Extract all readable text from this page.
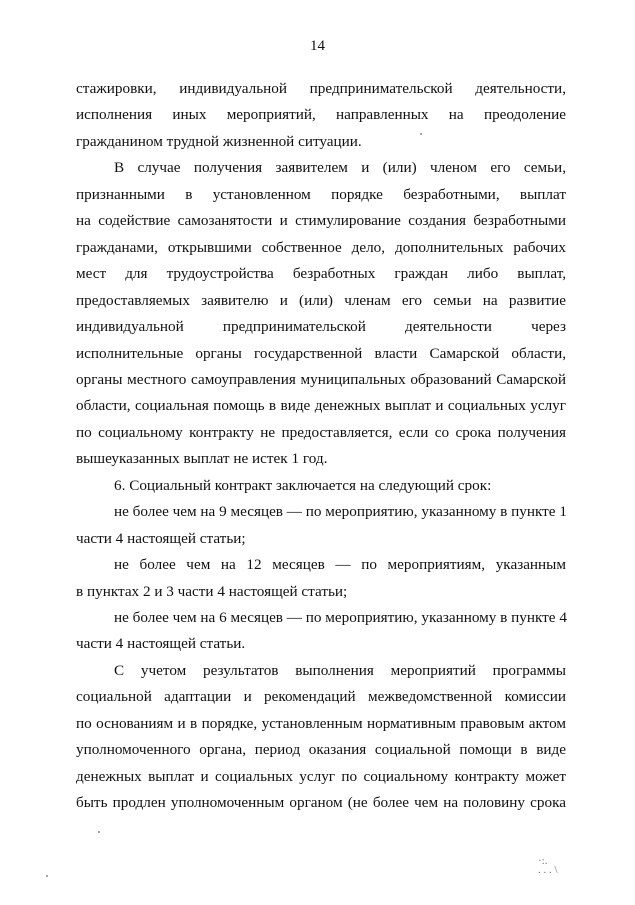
14
стажировки, индивидуальной предпринимательской деятельности,
исполнения иных мероприятий, направленных на преодоление
гражданином трудной жизненной ситуации.
В случае получения заявителем и (или) членом его семьи,
признанными в установленном порядке безработными, выплат
на содействие самозанятости и стимулирование создания безработными
гражданами, открывшими собственное дело, дополнительных рабочих
мест для трудоустройства безработных граждан либо выплат,
предоставляемых заявителю и (или) членам его семьи на развитие
индивидуальной предпринимательской деятельности через
исполнительные органы государственной власти Самарской области,
органы местного самоуправления муниципальных образований Самарской
области, социальная помощь в виде денежных выплат и социальных услуг
по социальному контракту не предоставляется, если со срока получения
вышеуказанных выплат не истек 1 год.
6. Социальный контракт заключается на следующий срок:
не более чем на 9 месяцев — по мероприятию, указанному в пункте 1
части 4 настоящей статьи;
не более чем на 12 месяцев — по мероприятиям, указанным
в пунктах 2 и 3 части 4 настоящей статьи;
не более чем на 6 месяцев — по мероприятию, указанному в пункте 4
части 4 настоящей статьи.
С учетом результатов выполнения мероприятий программы
социальной адаптации и рекомендаций межведомственной комиссии
по основаниям и в порядке, установленным нормативным правовым актом
уполномоченного органа, период оказания социальной помощи в виде
денежных выплат и социальных услуг по социальному контракту может
быть продлен уполномоченным органом (не более чем на половину срока
·:.
. . . \
